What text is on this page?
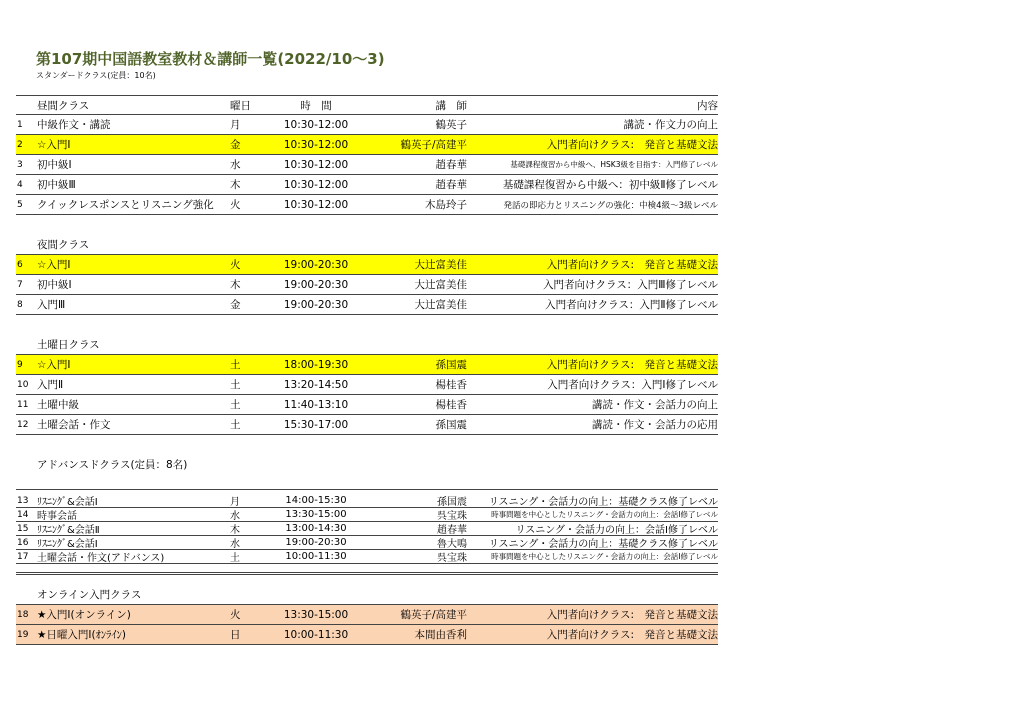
第107期中国語教室教材＆講師一覧(2022/10～3)
スタンダードクラス(定員：10名)
昼間クラス	曜日	時　間	講　師	内容
1	中級作文・講読	月	10:30-12:00	鶴英子	講読・作文力の向上
2	☆入門Ⅰ	金	10:30-12:00	鶴英子/高建平	入門者向けクラス:　発音と基礎文法
3	初中級Ⅰ	水	10:30-12:00	趙春華	基礎課程復習から中級へ、HSK3級を目指す：入門修了レベル
4	初中級Ⅲ	木	10:30-12:00	趙春華	基礎課程復習から中級へ：初中級Ⅱ修了レベル
5	クイックレスポンスとリスニング強化	火	10:30-12:00	木島玲子	発話の即応力とリスニングの強化：中検4級～3級レベル
夜間クラス
6	☆入門Ⅰ	火	19:00-20:30	大辻富美佳	入門者向けクラス:　発音と基礎文法
7	初中級Ⅰ	木	19:00-20:30	大辻富美佳	入門者向けクラス：入門Ⅲ修了レベル
8	入門Ⅲ	金	19:00-20:30	大辻富美佳	入門者向けクラス：入門Ⅱ修了レベル
土曜日クラス
9	☆入門Ⅰ	土	18:00-19:30	孫国震	入門者向けクラス:　発音と基礎文法
10 入門Ⅱ	土	13:20-14:50	楊桂香	入門者向けクラス：入門Ⅰ修了レベル
11 土曜中級	土	11:40-13:10	楊桂香	講読・作文・会話力の向上
12 土曜会話・作文	土	15:30-17:00	孫国震	講読・作文・会話力の応用
アドバンスドクラス(定員：8名)
13 ﾘｽﾆﾝｸﾞ&会話Ⅰ	月	14:00-15:30	孫国震	リスニング・会話力の向上：基礎クラス修了レベル
14 時事会話	水	13:30-15:00	呉宝珠	時事問題を中心としたリスニング・会話力の向上：会話Ⅰ修了レベル
15 ﾘｽﾆﾝｸﾞ&会話Ⅱ	木	13:00-14:30	趙春華	リスニング・会話力の向上：会話Ⅰ修了レベル
16 ﾘｽﾆﾝｸﾞ&会話Ⅰ	水	19:00-20:30	魯大鳴	リスニング・会話力の向上：基礎クラス修了レベル
17 土曜会話・作文(アドバンス)	土	10:00-11:30	呉宝珠	時事問題を中心としたリスニング・会話力の向上：会話Ⅰ修了レベル
オンライン入門クラス
18 ★入門Ⅰ(オンライン)	火	13:30-15:00	鶴英子/高建平	入門者向けクラス:　発音と基礎文法
19 ★日曜入門Ⅰ(ｵﾝﾗｲﾝ)	日	10:00-11:30	本間由香利	入門者向けクラス:　発音と基礎文法
